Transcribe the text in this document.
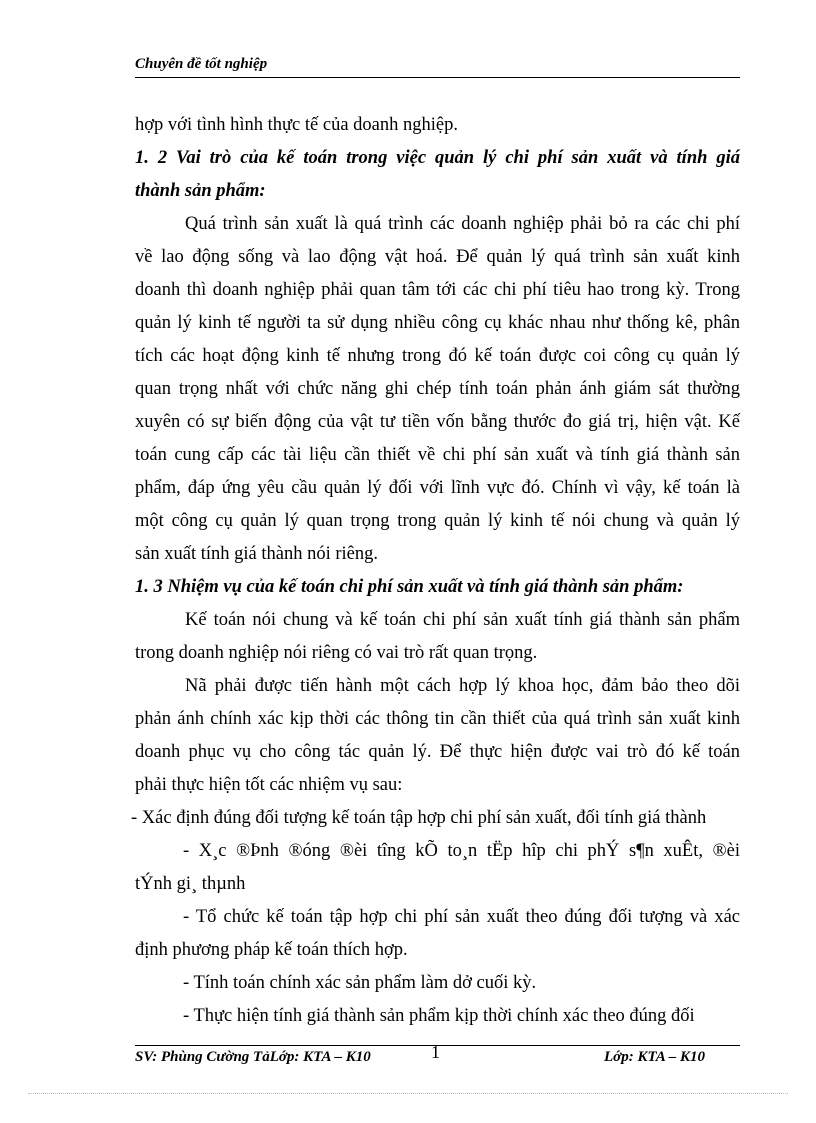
Chuyên đề tốt nghiệp
hợp với tình hình thực tế của doanh nghiệp.
1. 2 Vai trò của kế toán trong việc quản lý chi phí sản xuất và tính giá
thành sản phẩm:
Quá trình sản xuất là quá trình các doanh nghiệp phải bỏ ra các chi phí
về lao động sống và lao động vật hoá. Để quản lý quá trình sản xuất kinh
doanh thì doanh nghiệp phải quan tâm tới các chi phí tiêu hao trong kỳ. Trong
quản lý kinh tế người ta sử dụng nhiều công cụ khác nhau như thống kê, phân
tích các hoạt động kinh tế nhưng trong đó kế toán được coi công cụ quản lý
quan trọng nhất với chức năng ghi chép tính toán phản ánh giám sát thường
xuyên có sự biến động của vật tư tiền vốn bằng thước đo giá trị, hiện vật. Kế
toán cung cấp các tài liệu cần thiết về chi phí sản xuất và tính giá thành sản
phẩm, đáp ứng yêu cầu quản lý đối với lĩnh vực đó. Chính vì vậy, kế toán là
một công cụ quản lý quan trọng trong quản lý kinh tế nói chung và quản lý
sản xuất tính giá thành nói riêng.
1. 3 Nhiệm vụ của kế toán chi phí sản xuất và tính giá thành sản phẩm:
Kế toán nói chung và kế toán chi phí sản xuất tính giá thành sản phẩm
trong doanh nghiệp nói riêng có vai trò rất quan trọng.
Nã phải được tiến hành một cách hợp lý khoa học, đảm bảo theo dõi
phản ánh chính xác kịp thời các thông tin cần thiết của quá trình sản xuất kinh
doanh phục vụ cho công tác quản lý. Để thực hiện được vai trò đó kế toán
phải thực hiện tốt các nhiệm vụ sau:
- Xác định đúng đối tượng kế toán tập hợp chi phí sản xuất, đối tính giá thành
- X¸c ®Þnh ®óng ®èi tîng kÕ to¸n tËp hîp chi phÝ s¶n xuÊt, ®èi
tÝnh gi¸ thµnh
- Tổ chức kế toán tập hợp chi phí sản xuất theo đúng đối tượng và xác
định phương pháp kế toán thích hợp.
- Tính toán chính xác sản phẩm làm dở cuối kỳ.
- Thực hiện tính giá thành sản phẩm kịp thời chính xác theo đúng đối
SV: Phùng Cường TảLớp: KTA – K10	1	Lớp: KTA – K10
